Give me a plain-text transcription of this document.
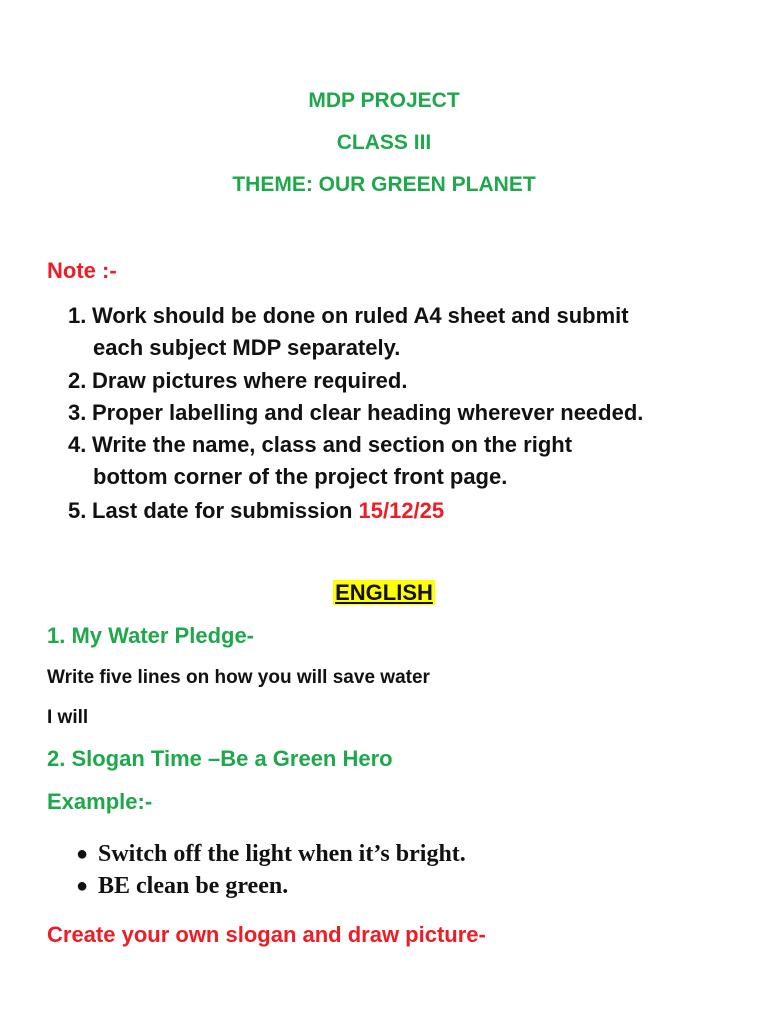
MDP PROJECT
CLASS III
THEME: OUR GREEN PLANET
Note :-
1. Work should be done on ruled A4 sheet and submit
each subject MDP separately.
2. Draw pictures where required.
3. Proper labelling and clear heading wherever needed.
4. Write the name, class and section on the right
bottom corner of the project front page.
5. Last date for submission 15/12/25
ENGLISH
1. My Water Pledge-
Write five lines on how you will save water
I will
2. Slogan Time –Be a Green Hero
Example:-
● Switch off the light when it’s bright.
● BE clean be green.
Create your own slogan and draw picture-
